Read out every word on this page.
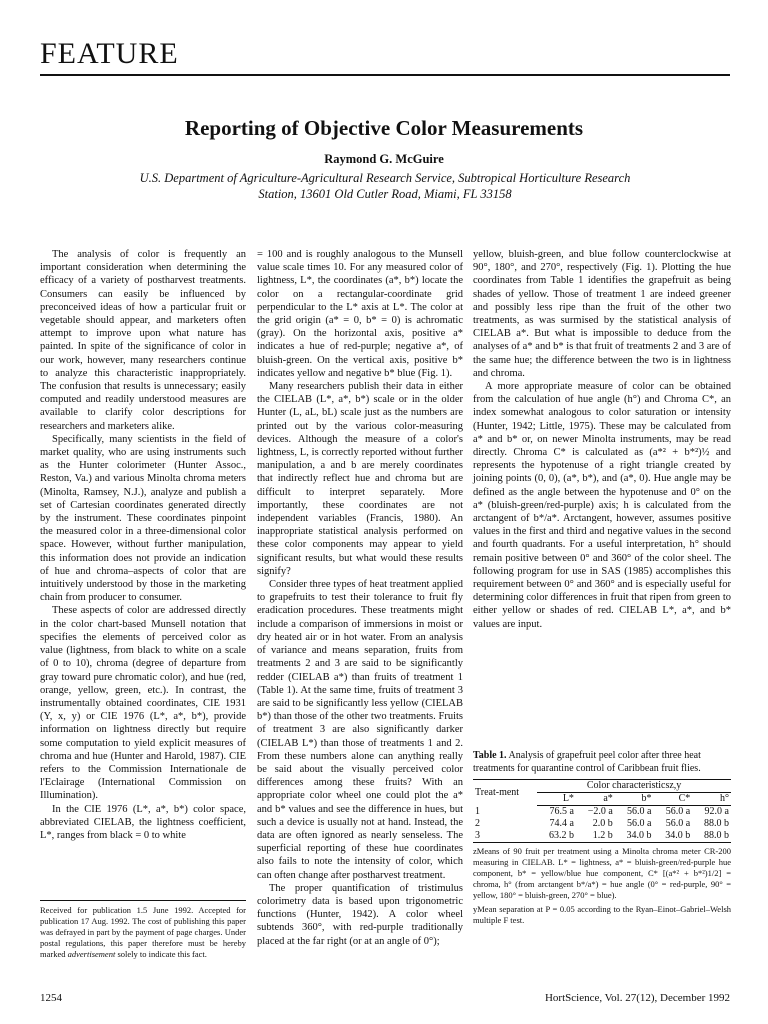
FEATURE
Reporting of Objective Color Measurements
Raymond G. McGuire
U.S. Department of Agriculture-Agricultural Research Service, Subtropical Horticulture Research Station, 13601 Old Cutler Road, Miami, FL 33158

The analysis of color is frequently an important consideration when determining the efficacy of a variety of postharvest treatments. Consumers can easily be influenced by preconceived ideas of how a particular fruit or vegetable should appear, and marketers often attempt to improve upon what nature has painted. In spite of the significance of color in our work, however, many researchers continue to analyze this characteristic inappropriately. The confusion that results is unnecessary; easily computed and readily understood measures are available to clarify color descriptions for researchers and marketers alike.

Specifically, many scientists in the field of market quality, who are using instruments such as the Hunter colorimeter (Hunter Assoc., Reston, Va.) and various Minolta chroma meters (Minolta, Ramsey, N.J.), analyze and publish a set of Cartesian coordinates generated directly by the instrument. These coordinates pinpoint the measured color in a three-dimensional color space. However, without further manipulation, this information does not provide an indication of hue and chroma–aspects of color that are intuitively understood by those in the marketing chain from producer to consumer.

These aspects of color are addressed directly in the color chart-based Munsell notation that specifies the elements of perceived color as value (lightness, from black to white on a scale of 0 to 10), chroma (degree of departure from gray toward pure chromatic color), and hue (red, orange, yellow, green, etc.). In contrast, the instrumentally obtained coordinates, CIE 1931 (Y, x, y) or CIE 1976 (L*, a*, b*), provide information on lightness directly but require some computation to yield explicit measures of chroma and hue (Hunter and Harold, 1987). CIE refers to the Commission Internationale de l'Eclairage (International Commission on Illumination).

In the CIE 1976 (L*, a*, b*) color space, abbreviated CIELAB, the lightness coefficient, L*, ranges from black = 0 to white

Received for publication 1.5 June 1992. Accepted for publication 17 Aug. 1992. The cost of publishing this paper was defrayed in part by the payment of page charges. Under postal regulations, this paper therefore must be hereby marked advertisement solely to indicate this fact.

= 100 and is roughly analogous to the Munsell value scale times 10. For any measured color of lightness, L*, the coordinates (a*, b*) locate the color on a rectangular-coordinate grid perpendicular to the L* axis at L*. The color at the grid origin (a* = 0, b* = 0) is achromatic (gray). On the horizontal axis, positive a* indicates a hue of red-purple; negative a*, of bluish-green. On the vertical axis, positive b* indicates yellow and negative b* blue (Fig. 1).

Many researchers publish their data in either the CIELAB (L*, a*, b*) scale or in the older Hunter (L, aL, bL) scale just as the numbers are printed out by the various color-measuring devices. Although the measure of a color's lightness, L, is correctly reported without further manipulation, a and b are merely coordinates that indirectly reflect hue and chroma but are difficult to interpret separately. More importantly, these coordinates are not independent variables (Francis, 1980). An inappropriate statistical analysis performed on these color components may appear to yield significant results, but what would these results signify?

Consider three types of heat treatment applied to grapefruits to test their tolerance to fruit fly eradication procedures. These treatments might include a comparison of immersions in moist or dry heated air or in hot water. From an analysis of variance and means separation, fruits from treatments 2 and 3 are said to be significantly redder (CIELAB a*) than fruits of treatment 1 (Table 1). At the same time, fruits of treatment 3 are said to be significantly less yellow (CIELAB b*) than those of the other two treatments. Fruits of treatment 3 are also significantly darker (CIELAB L*) than those of treatments 1 and 2. From these numbers alone can anything really be said about the visually perceived color differences among these fruits? With an appropriate color wheel one could plot the a* and b* values and see the difference in hues, but such a device is usually not at hand. Instead, the data are often ignored as nearly senseless. The superficial reporting of these hue coordinates also fails to note the intensity of color, which can often change after postharvest treatment.

The proper quantification of tristimulus colorimetry data is based upon trigonometric functions (Hunter, 1942). A color wheel subtends 360°, with red-purple traditionally placed at the far right (or at an angle of 0°);

yellow, bluish-green, and blue follow counterclockwise at 90°, 180°, and 270°, respectively (Fig. 1). Plotting the hue coordinates from Table 1 identifies the grapefruit as being shades of yellow. Those of treatment 1 are indeed greener and possibly less ripe than the fruit of the other two treatments, as was surmised by the statistical analysis of CIELAB a*. But what is impossible to deduce from the analyses of a* and b* is that fruit of treatments 2 and 3 are of the same hue; the difference between the two is in lightness and chroma.

A more appropriate measure of color can be obtained from the calculation of hue angle (h°) and Chroma C*, an index somewhat analogous to color saturation or intensity (Hunter, 1942; Little, 1975). These may be calculated from a* and b* or, on newer Minolta instruments, may be read directly. Chroma C* is calculated as (a*² + b*²)½ and represents the hypotenuse of a right triangle created by joining points (0, 0), (a*, b*), and (a*, 0). Hue angle may be defined as the angle between the hypotenuse and 0° on the a* (bluish-green/red-purple) axis; h is calculated from the arctangent of b*/a*. Arctangent, however, assumes positive values in the first and third and negative values in the second and fourth quadrants. For a useful interpretation, h° should remain positive between 0° and 360° of the color sheel. The following program for use in SAS (1985) accomplishes this requirement between 0° and 360° and is especially useful for determining color differences in fruit that ripen from green to either yellow or shades of red. CIELAB L*, a*, and b* values are input.

Table 1. Analysis of grapefruit peel color after three heat treatments for quarantine control of Caribbean fruit flies.
Treat-ment	Color characteristicsz,y				
	L*	a*	b*	C*	h°
1	76.5 a	−2.0 a	56.0 a	56.0 a	92.0 a
2	74.4 a	2.0 b	56.0 a	56.0 a	88.0 b
3	63.2 b	1.2 b	34.0 b	34.0 b	88.0 b
zMeans of 90 fruit per treatment using a Minolta chroma meter CR-200 measuring in CIELAB. L* = lightness, a* = bluish-green/red-purple hue component, b* = yellow/blue hue component, C* [(a*² + b*²)1/2] = chroma, h° (from arctangent b*/a*) = hue angle (0° = red-purple, 90° = yellow, 180° = bluish-green, 270° = blue).
yMean separation at P = 0.05 according to the Ryan–Einot–Gabriel–Welsh multiple F test.
1254	HortScience, Vol. 27(12), December 1992
